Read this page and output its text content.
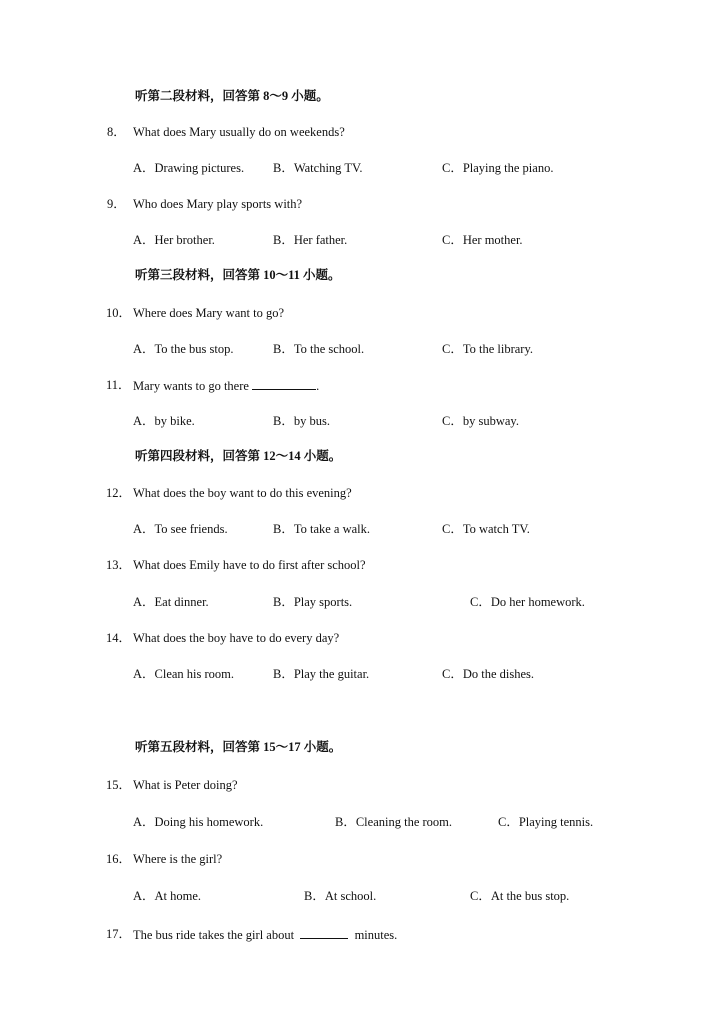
听第二段材料，回答第 8～9 小题。
8． What does Mary usually do on weekends?
A．Drawing pictures. B．Watching TV.	C．Playing the piano.
9． Who does Mary play sports with?
A．Her brother.	B．Her father.	C．Her mother.
听第三段材料，回答第 10～11 小题。
10． Where does Mary want to go?
A．To the bus stop.	B．To the school.	C．To the library.
11． Mary wants to go there	.
A．by bike.	B．by bus.	C．by subway.
听第四段材料，回答第 12～14 小题。
12． What does the boy want to do this evening?
A．To see friends.	B．To take a walk.	C．To watch TV.
13． What does Emily have to do first after school?
A．Eat dinner.	B．Play sports.	C．Do her homework.
14． What does the boy have to do every day?
A．Clean his room.	B．Play the guitar.	C．Do the dishes.
听第五段材料，回答第 15～17 小题。
15． What is Peter doing?
A．Doing his homework.	B．Cleaning the room.	C．Playing tennis.
16． Where is the girl?
A．At home.	B．At school.	C．At the bus stop.
17． The bus ride takes the girl about	minutes.
